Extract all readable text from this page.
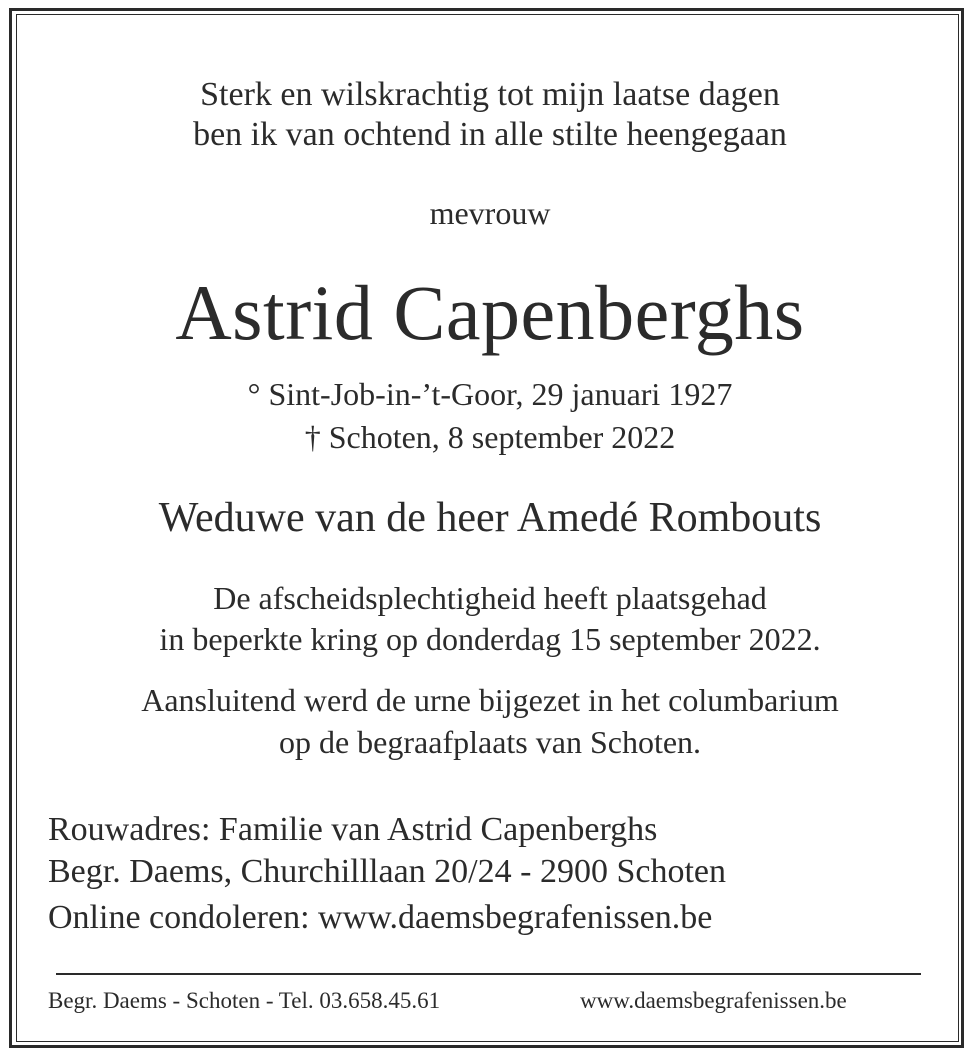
Sterk en wilskrachtig tot mijn laatse dagen
ben ik van ochtend in alle stilte heengegaan
mevrouw
Astrid Capenberghs
° Sint-Job-in-’t-Goor, 29 januari 1927
† Schoten, 8 september 2022
Weduwe van de heer Amedé Rombouts
De afscheidsplechtigheid heeft plaatsgehad
in beperkte kring op donderdag 15 september 2022.
Aansluitend werd de urne bijgezet in het columbarium
op de begraafplaats van Schoten.
Rouwadres: Familie van Astrid Capenberghs
Begr. Daems, Churchilllaan 20/24 - 2900 Schoten
Online condoleren: www.daemsbegrafenissen.be
Begr. Daems - Schoten - Tel. 03.658.45.61	www.daemsbegrafenissen.be
